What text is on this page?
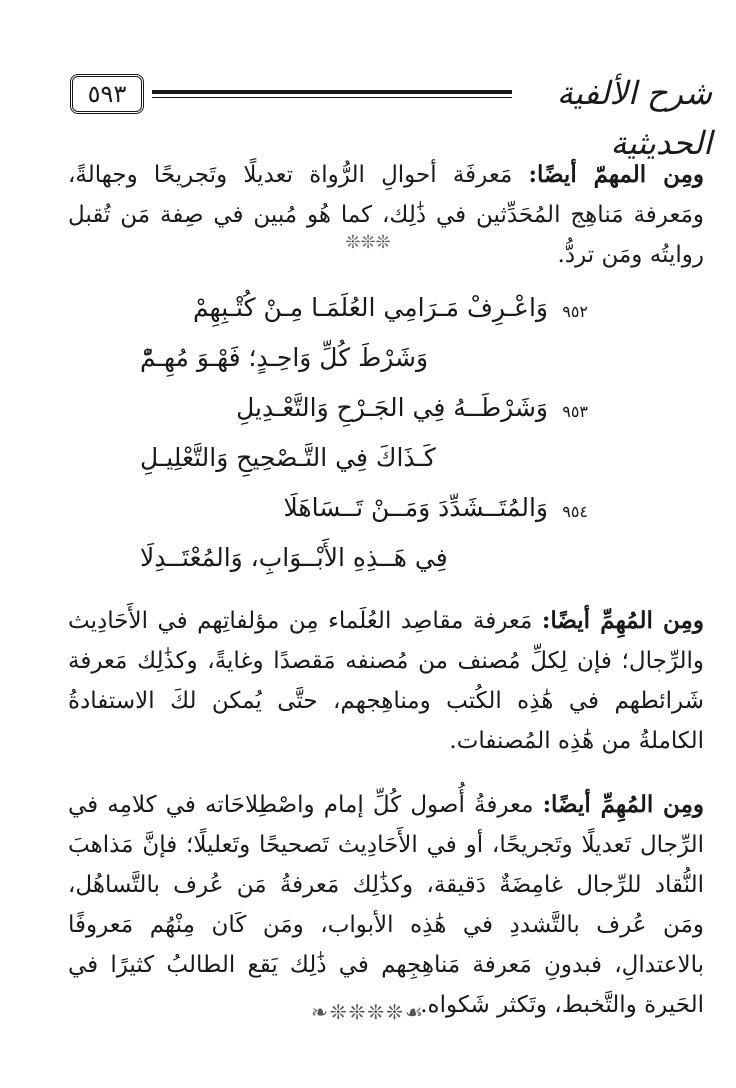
٥٩٣	شرح الألفية الحديثية

ومِن المهمّ أيضًا: مَعرفَة أحوالِ الرُّواة تعديلًا وتَجريحًا وجهالةً، ومَعرفة مَناهِج المُحَدِّثين في ذَٰلِك، كما هُو مُبين في صِفة مَن تُقبل روايتُه ومَن تردُّ.

❊❊❊
٩٥٢
وَاعْـرِفْ مَـرَامِي العُلَمَـا مِـنْ كُتْـبِهِمْ
وَشَرْطَ كُلِّ وَاحِـدٍ؛ فَهْـوَ مُهِـمّْ
٩٥٣
وَشَرْطَــهُ فِي الجَـرْحِ وَالتَّعْـدِيلِ
كَـذَاكَ فِي التَّـصْحِيحِ وَالتَّعْلِيـلِ
٩٥٤
وَالمُتَــشَدِّدَ وَمَــنْ تَــسَاهَلَا
فِي هَــذِهِ الأَبْــوَابِ، وَالمُعْتَــدِلَا

ومِن المُهِمِّ أيضًا: مَعرفة مقاصِد العُلَماء مِن مؤلفاتِهم في الأَحَادِيث والرِّجال؛ فإن لِكلِّ مُصنف من مُصنفه مَقصدًا وغايةً، وكذَٰلِك مَعرفة شَرائطهم في هَٰذِه الكُتب ومناهِجهم، حتَّى يُمكن لكَ الاستفادةُ الكاملةُ من هَٰذِه المُصنفات.

ومِن المُهِمِّ أيضًا: معرفةُ أُصول كُلِّ إمام واصْطِلاحَاته في كلامِه في الرِّجال تَعديلًا وتَجريحًا، أو في الأَحَادِيث تَصحيحًا وتَعليلًا؛ فإنَّ مَذاهبَ النُّقاد للرِّجال غامِضَةٌ دَقيقة، وكذَٰلِك مَعرفةُ مَن عُرف بالتَّساهُل، ومَن عُرف بالتَّشددِ في هَٰذِه الأبواب، ومَن كَان مِنْهُم مَعروفًا بالاعتدالِ، فبدونِ مَعرفة مَناهِجِهم في ذَٰلِك يَقع الطالبُ كثيرًا في الحَيرة والتَّخبط، وتَكثر شَكواه.

❧❊❊❊❊☙
